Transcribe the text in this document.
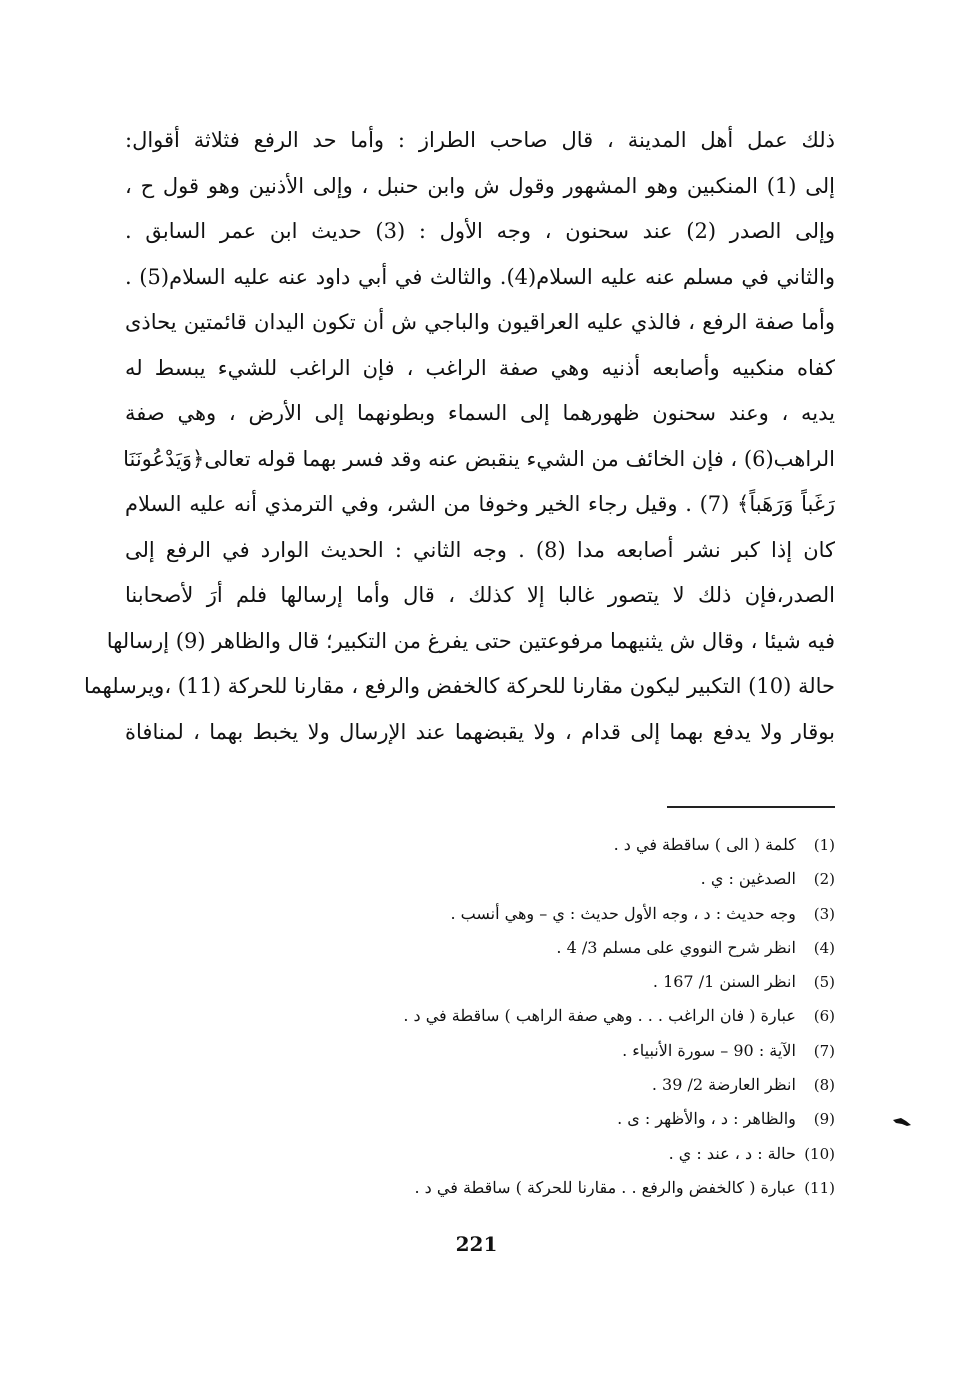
ذلك عمل أهل المدينة ، قال صاحب الطراز : وأما حد الرفع فثلاثة أقوال:
إلى (1) المنكبين وهو المشهور وقول ش وابن حنبل ، وإلى الأذنين وهو قول ح ،
وإلى الصدر (2) عند سحنون ، وجه الأول : (3) حديث ابن عمر السابق .
والثاني في مسلم عنه عليه السلام(4). والثالث في أبي داود عنه عليه السلام(5) .
وأما صفة الرفع ، فالذي عليه العراقيون والباجي ش أن تكون اليدان قائمتين يحاذى
كفاه منكبيه وأصابعه أذنيه وهي صفة الراغب ، فإن الراغب للشيء يبسط له
يديه ، وعند سحنون ظهورهما إلى السماء وبطونهما إلى الأرض ، وهي صفة
الراهب(6) ، فإن الخائف من الشيء ينقبض عنه وقد فسر بهما قوله تعالى﴿وَيَدْعُونَنَا
رَغَباً وَرَهَباً﴾ (7) . وقيل رجاء الخير وخوفا من الشر، وفي الترمذي أنه عليه السلام
كان إذا كبر نشر أصابعه مدا (8) . وجه الثاني : الحديث الوارد في الرفع إلى
الصدر،فإن ذلك لا يتصور غالبا إلا كذلك ، قال وأما إرسالها فلم أرَ لأصحابنا
فيه شيئا ، وقال ش يثنيهما مرفوعتين حتى يفرغ من التكبير؛ قال والظاهر (9) إرسالها
حالة (10) التكبير ليكون مقارنا للحركة كالخفض والرفع ، مقارنا للحركة (11) ،ويرسلهما
بوقار ولا يدفع بهما إلى قدام ، ولا يقبضهما عند الإرسال ولا يخبط بهما ، لمنافاة
(1) كلمة ( الى ) ساقطة في د .
(2) الصدغين : ي .
(3) وجه حديث : د ، وجه الأول حديث : ي – وهي أنسب .
(4) انظر شرح النووي على مسلم 3/ 4 .
(5) انظر السنن 1/ 167 .
(6) عبارة ( فان الراغب . . . وهي صفة الراهب ) ساقطة في د .
(7) الآية : 90 – سورة الأنبياء .
(8) انظر العارضة 2/ 39 .
(9) والظاهر : د ، والأظهر : ى .
(10) حالة : د ، عند : ي .
(11) عبارة ( كالخفض والرفع . . مقارنا للحركة ) ساقطة في د .
221
